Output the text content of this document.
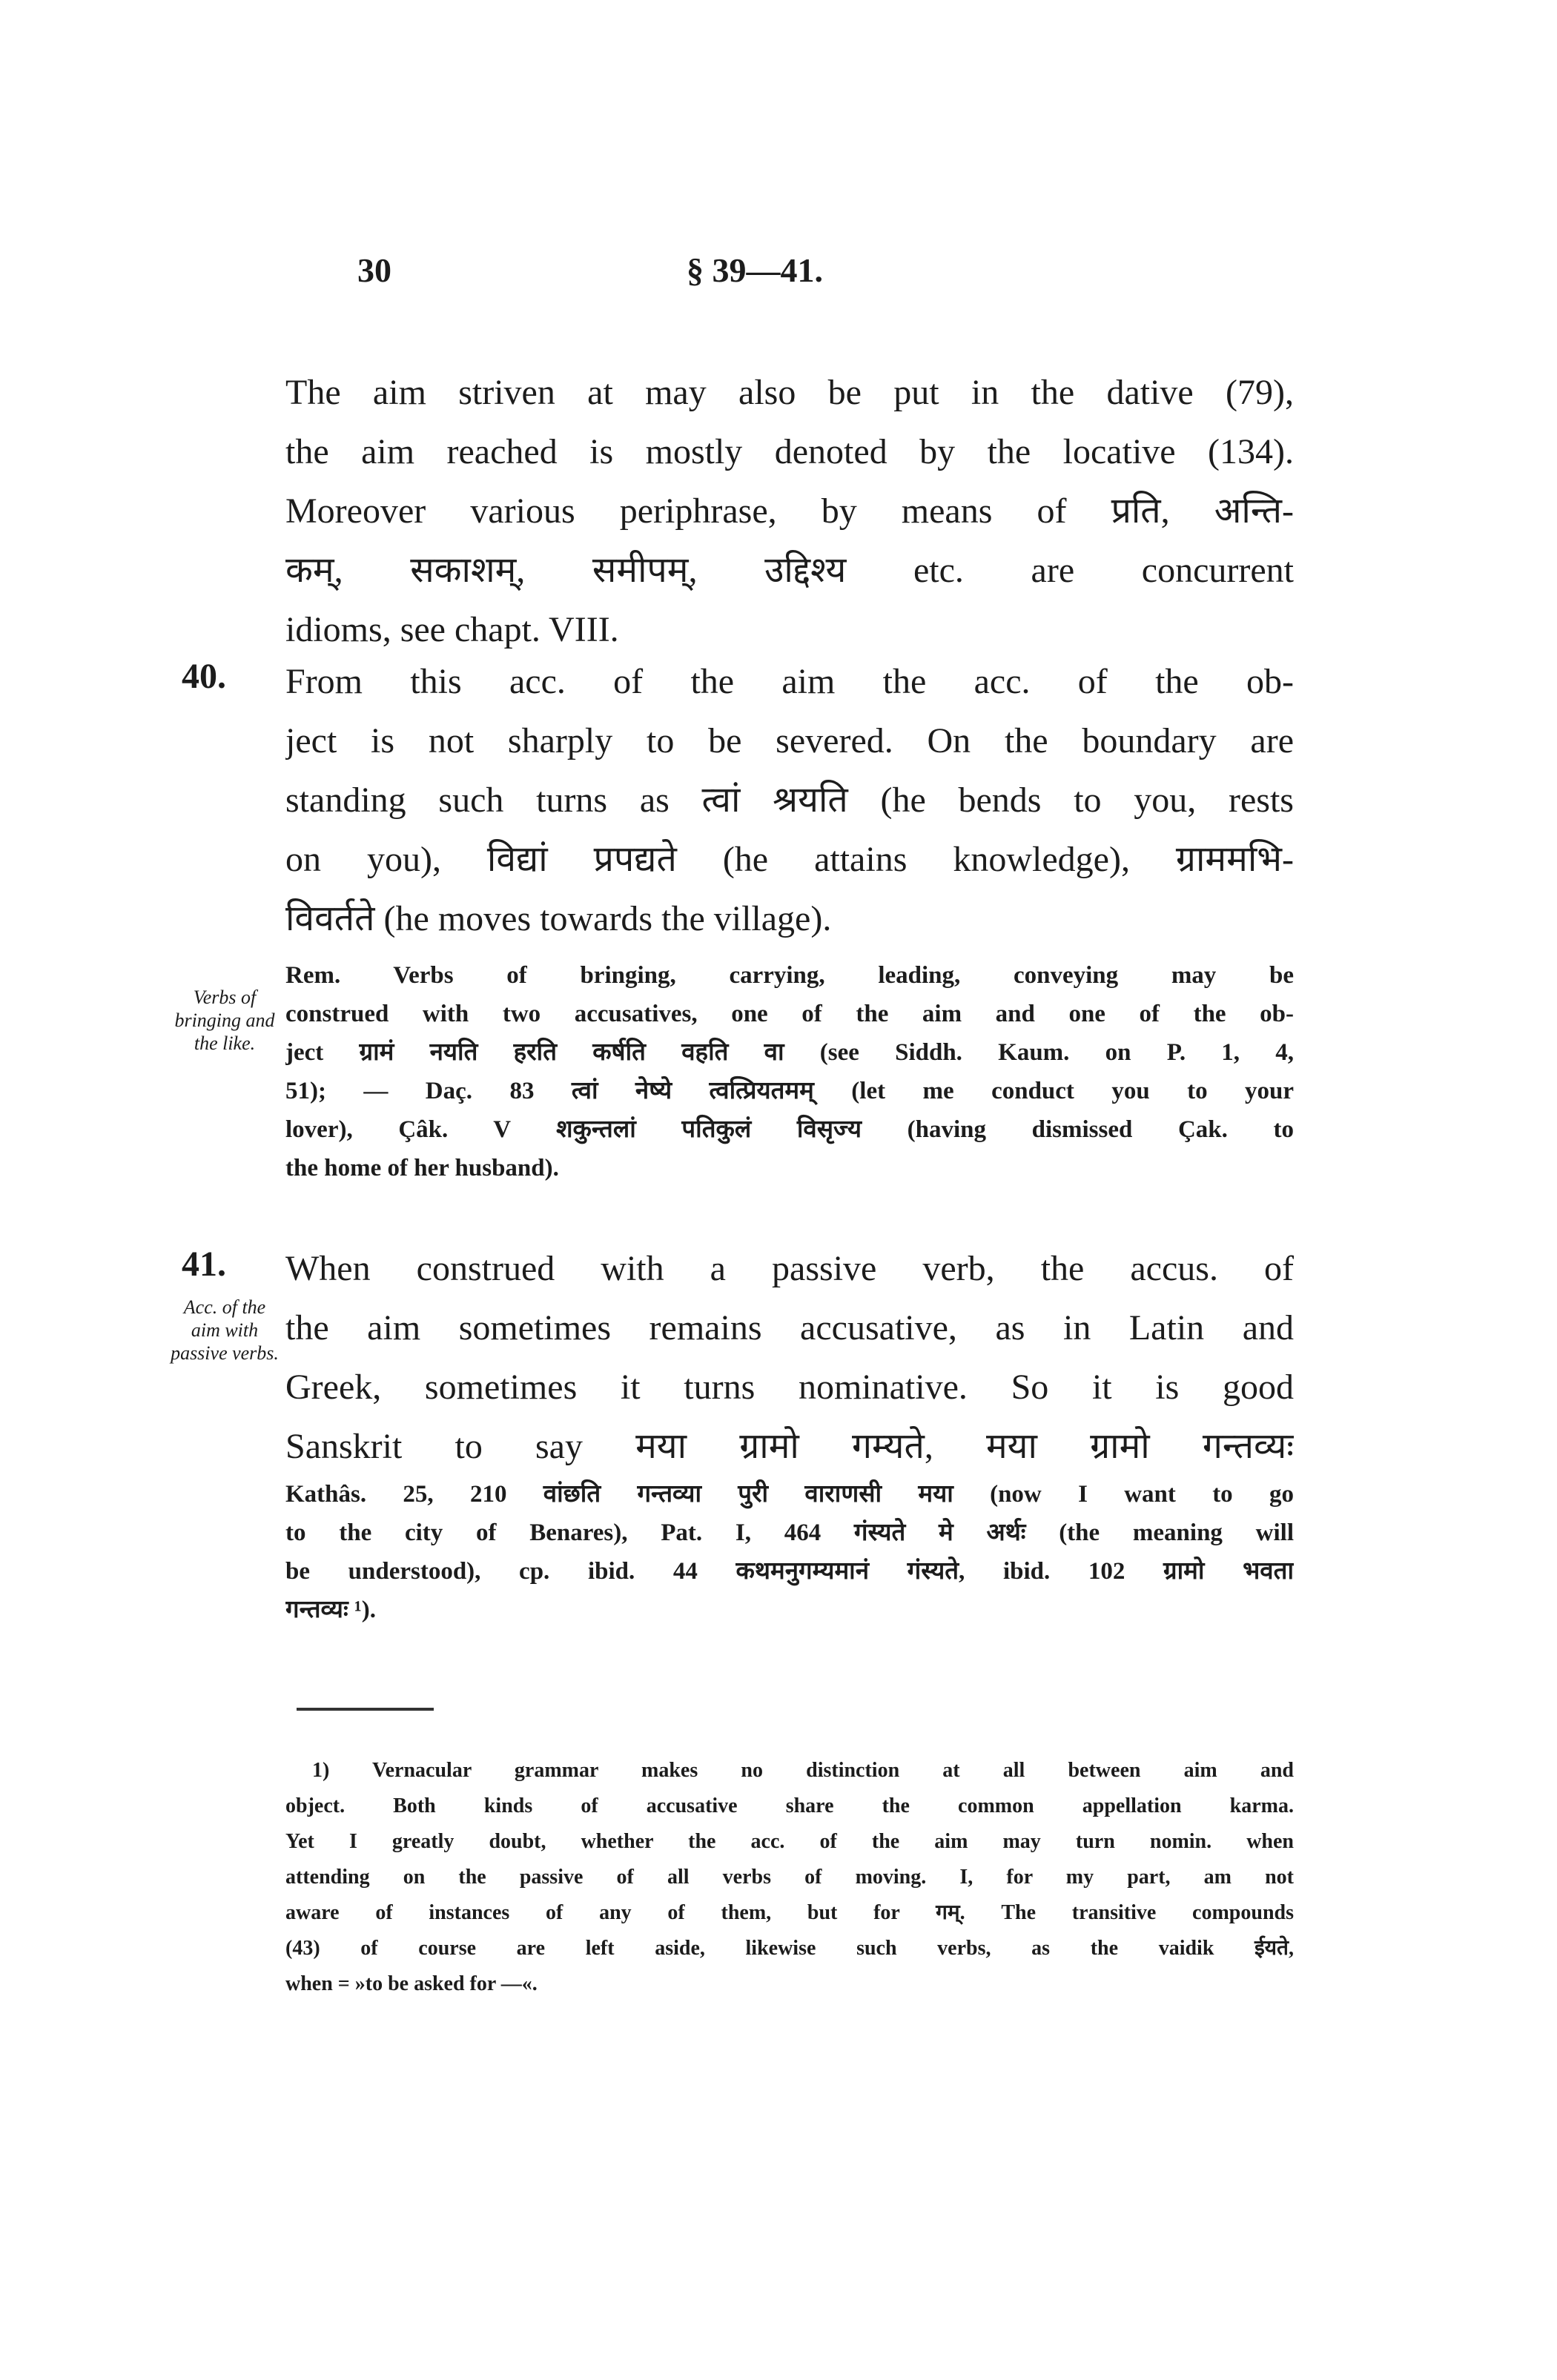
30	§ 39—41.
The aim striven at may also be put in the dative (79),
the aim reached is mostly denoted by the locative (134).
Moreover various periphrase, by means of प्रति, अन्ति-
कम्, सकाशम्, समीपम्, उद्दिश्य etc. are concurrent
idioms, see chapt. VIII.
40. From this acc. of the aim the acc. of the ob-
ject is not sharply to be severed. On the boundary are
standing such turns as त्वां श्रयति (he bends to you, rests
on you), विद्यां प्रपद्यते (he attains knowledge), ग्राममभि-
विवर्तते (he moves towards the village).
Verbs of bringing and the like.
Rem. Verbs of bringing, carrying, leading, conveying may be
construed with two accusatives, one of the aim and one of the ob-
ject ग्रामं नयति हरति कर्षति वहति वा (see Siddh. Kaum. on P. 1, 4,
51); — Daç. 83 त्वां नेष्ये त्वत्प्रियतमम् (let me conduct you to your
lover), Çâk. V शकुन्तलां पतिकुलं विसृज्य (having dismissed Çak. to
the home of her husband).
41. When construed with a passive verb, the accus. of
the aim sometimes remains accusative, as in Latin and
Greek, sometimes it turns nominative. So it is good
Sanskrit to say मया ग्रामो गम्यते, मया ग्रामो गन्तव्यः
Acc. of the aim with passive verbs.
Kathâs. 25, 210 वांछति गन्तव्या पुरी वाराणसी मया (now I want to go
to the city of Benares), Pat. I, 464 गंस्यते मे अर्थः (the meaning will
be understood), cp. ibid. 44 कथमनुगम्यमानं गंस्यते, ibid. 102 ग्रामो भवता
गन्तव्यः ¹).
1) Vernacular grammar makes no distinction at all between aim and
object. Both kinds of accusative share the common appellation karma.
Yet I greatly doubt, whether the acc. of the aim may turn nomin. when
attending on the passive of all verbs of moving. I, for my part, am not
aware of instances of any of them, but for गम्. The transitive compounds
(43) of course are left aside, likewise such verbs, as the vaidik ईयते,
when = »to be asked for —«.
